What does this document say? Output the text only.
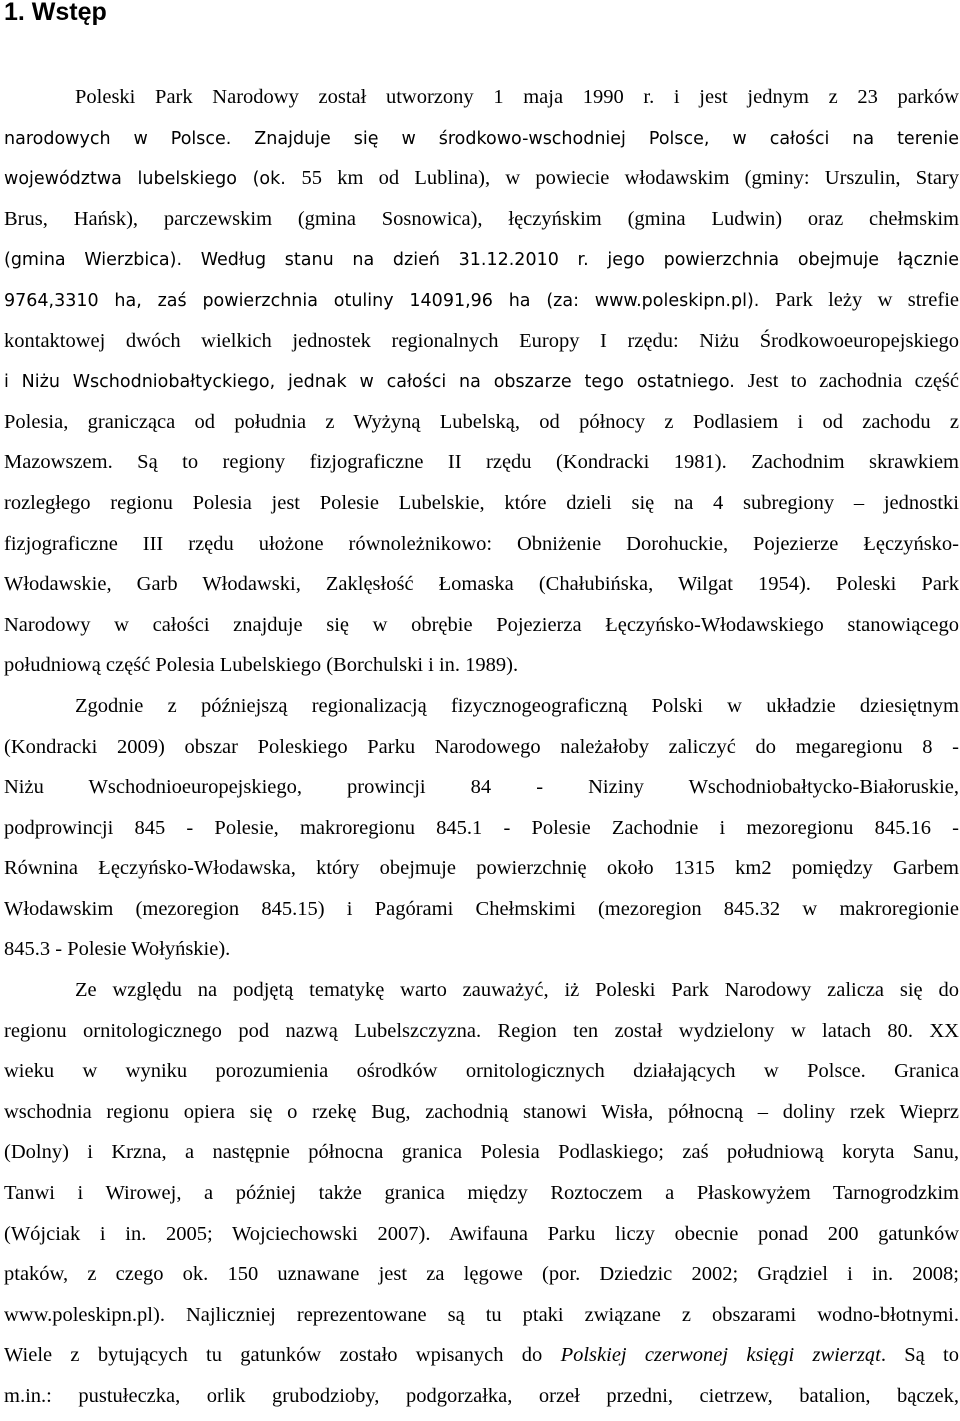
1. Wstęp
Poleski Park Narodowy został utworzony 1 maja 1990 r. i jest jednym z 23 parków
narodowych w Polsce. Znajduje się w środkowo-wschodniej Polsce, w całości na terenie
województwa lubelskiego (ok. 55 km od Lublina), w powiecie włodawskim (gminy: Urszulin, Stary
Brus, Hańsk), parczewskim (gmina Sosnowica), łęczyńskim (gmina Ludwin) oraz chełmskim
(gmina Wierzbica). Według stanu na dzień 31.12.2010 r. jego powierzchnia obejmuje łącznie
9764,3310 ha, zaś powierzchnia otuliny 14091,96 ha (za: www.poleskipn.pl). Park leży w strefie
kontaktowej dwóch wielkich jednostek regionalnych Europy I rzędu: Niżu Środkowoeuropejskiego
i Niżu Wschodniobałtyckiego, jednak w całości na obszarze tego ostatniego. Jest to zachodnia część
Polesia, granicząca od południa z Wyżyną Lubelską, od północy z Podlasiem i od zachodu z
Mazowszem. Są to regiony fizjograficzne II rzędu (Kondracki 1981). Zachodnim skrawkiem
rozległego regionu Polesia jest Polesie Lubelskie, które dzieli się na 4 subregiony – jednostki
fizjograficzne III rzędu ułożone równoleżnikowo: Obniżenie Dorohuckie, Pojezierze Łęczyńsko-
Włodawskie, Garb Włodawski, Zaklęsłość Łomaska (Chałubińska, Wilgat 1954). Poleski Park
Narodowy w całości znajduje się w obrębie Pojezierza Łęczyńsko-Włodawskiego stanowiącego
południową część Polesia Lubelskiego (Borchulski i in. 1989).
Zgodnie z późniejszą regionalizacją fizycznogeograficzną Polski w układzie dziesiętnym
(Kondracki 2009) obszar Poleskiego Parku Narodowego należałoby zaliczyć do megaregionu 8 -
Niżu Wschodnioeuropejskiego, prowincji 84 - Niziny Wschodniobałtycko-Białoruskie,
podprowincji 845 - Polesie, makroregionu 845.1 - Polesie Zachodnie i mezoregionu 845.16 -
Równina Łęczyńsko-Włodawska, który obejmuje powierzchnię około 1315 km2 pomiędzy Garbem
Włodawskim (mezoregion 845.15) i Pagórami Chełmskimi (mezoregion 845.32 w makroregionie
845.3 - Polesie Wołyńskie).
Ze względu na podjętą tematykę warto zauważyć, iż Poleski Park Narodowy zalicza się do
regionu ornitologicznego pod nazwą Lubelszczyzna. Region ten został wydzielony w latach 80. XX
wieku w wyniku porozumienia ośrodków ornitologicznych działających w Polsce. Granica
wschodnia regionu opiera się o rzekę Bug, zachodnią stanowi Wisła, północną – doliny rzek Wieprz
(Dolny) i Krzna, a następnie północna granica Polesia Podlaskiego; zaś południową koryta Sanu,
Tanwi i Wirowej, a później także granica między Roztoczem a Płaskowyżem Tarnogrodzkim
(Wójciak i in. 2005; Wojciechowski 2007). Awifauna Parku liczy obecnie ponad 200 gatunków
ptaków, z czego ok. 150 uznawane jest za lęgowe (por. Dziedzic 2002; Grądziel i in. 2008;
www.poleskipn.pl). Najliczniej reprezentowane są tu ptaki związane z obszarami wodno-błotnymi.
Wiele z bytujących tu gatunków zostało wpisanych do Polskiej czerwonej księgi zwierząt. Są to
m.in.: pustułeczka, orlik grubodzioby, podgorzałka, orzeł przedni, cietrzew, batalion, bączek,
